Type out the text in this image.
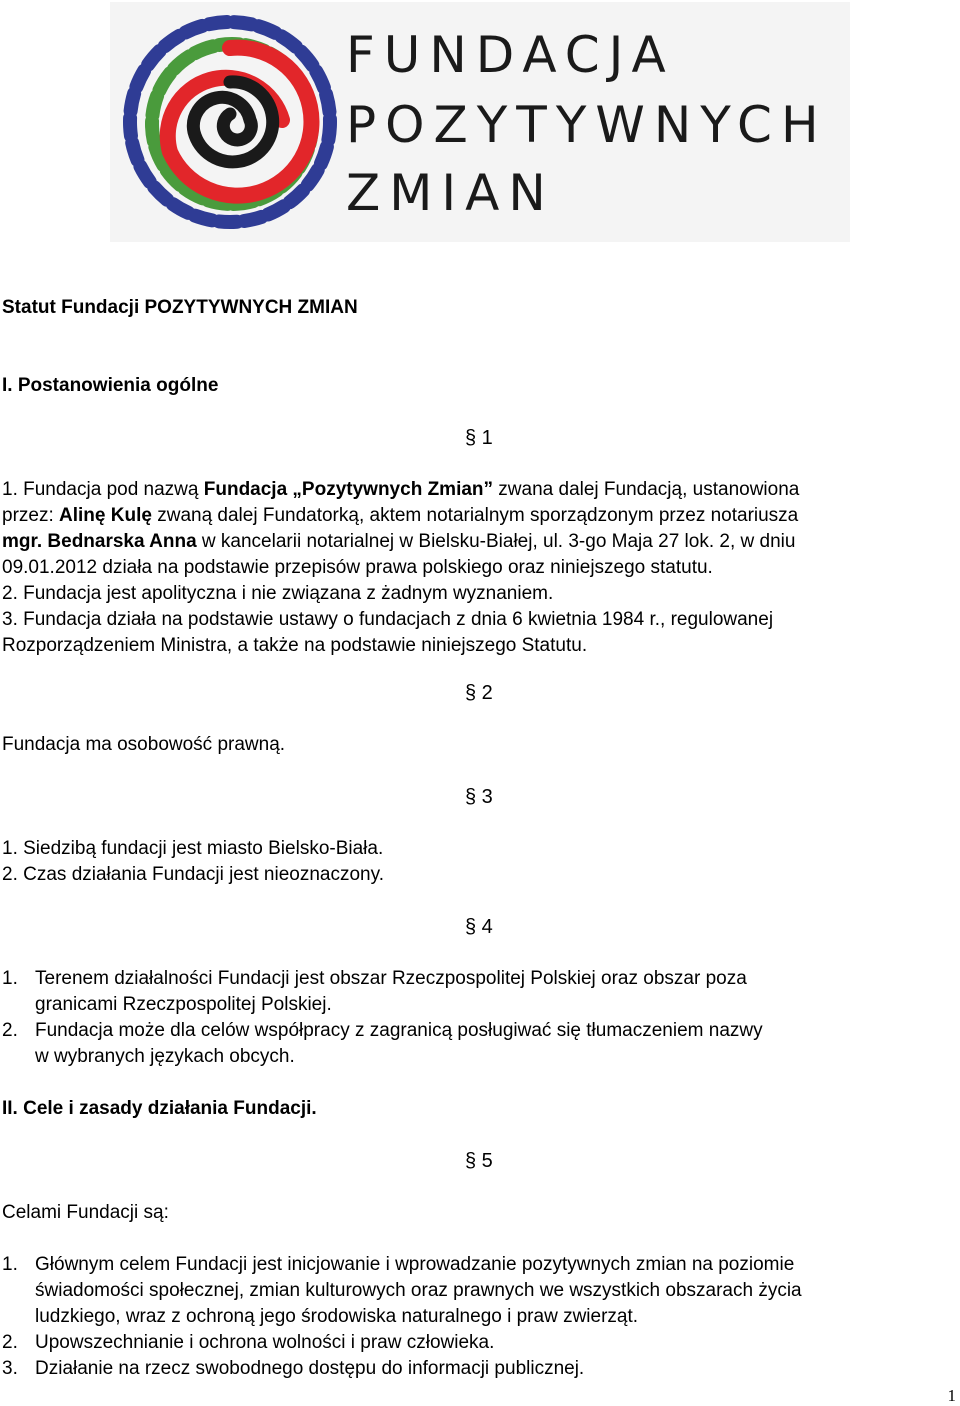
FUNDACJA
POZYTYWNYCH
ZMIAN
Statut Fundacji POZYTYWNYCH ZMIAN
I. Postanowienia ogólne
§ 1
1. Fundacja pod nazwą Fundacja „Pozytywnych Zmian” zwana dalej Fundacją, ustanowiona
przez: Alinę Kulę zwaną dalej Fundatorką, aktem notarialnym sporządzonym przez notariusza
mgr. Bednarska Anna w kancelarii notarialnej w Bielsku-Białej, ul. 3-go Maja 27 lok. 2, w dniu
09.01.2012 działa na podstawie przepisów prawa polskiego oraz niniejszego statutu.
2. Fundacja jest apolityczna i nie związana z żadnym wyznaniem.
3. Fundacja działa na podstawie ustawy o fundacjach z dnia 6 kwietnia 1984 r., regulowanej
Rozporządzeniem Ministra, a także na podstawie niniejszego Statutu.
§ 2
Fundacja ma osobowość prawną.
§ 3
1. Siedzibą fundacji jest miasto Bielsko-Biała.
2. Czas działania Fundacji jest nieoznaczony.
§ 4
1. Terenem działalności Fundacji jest obszar Rzeczpospolitej Polskiej oraz obszar poza
granicami Rzeczpospolitej Polskiej.
2. Fundacja może dla celów współpracy z zagranicą posługiwać się tłumaczeniem nazwy
w wybranych językach obcych.
II. Cele i zasady działania Fundacji.
§ 5
Celami Fundacji są:
1. Głównym celem Fundacji jest inicjowanie i wprowadzanie pozytywnych zmian na poziomie
świadomości społecznej, zmian kulturowych oraz prawnych we wszystkich obszarach życia
ludzkiego, wraz z ochroną jego środowiska naturalnego i praw zwierząt.
2. Upowszechnianie i ochrona wolności i praw człowieka.
3. Działanie na rzecz swobodnego dostępu do informacji publicznej.
1
